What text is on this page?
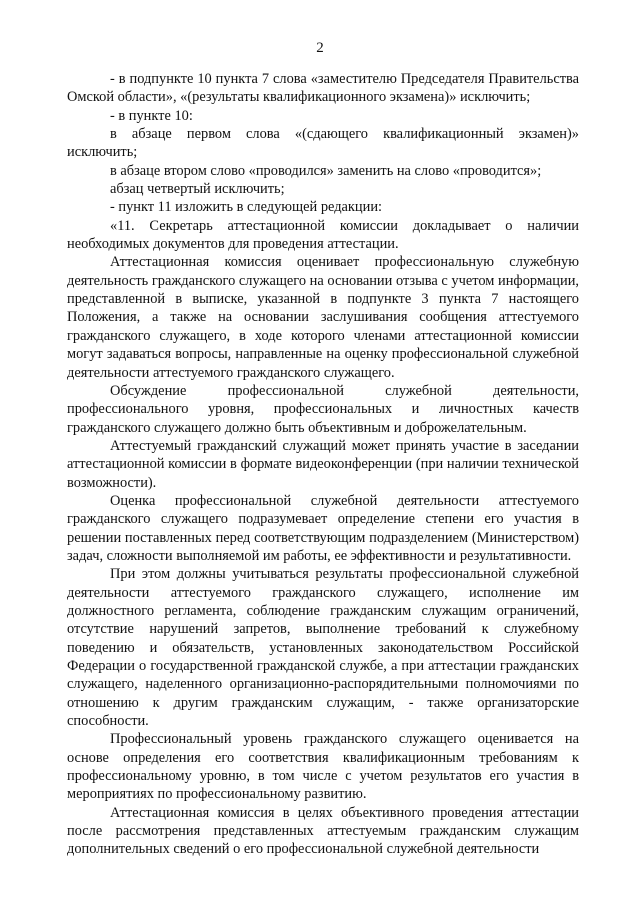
2

- в подпункте 10 пункта 7 слова «заместителю Председателя Правительства Омской области», «(результаты квалификационного экзамена)» исключить;

- в пункте 10:

в абзаце первом слова «(сдающего квалификационный экзамен)» исключить;

в абзаце втором слово «проводился» заменить на слово «проводится»;

абзац четвертый исключить;

- пункт 11 изложить в следующей редакции:

«11. Секретарь аттестационной комиссии докладывает о наличии необходимых документов для проведения аттестации.

Аттестационная комиссия оценивает профессиональную служебную деятельность гражданского служащего на основании отзыва с учетом информации, представленной в выписке, указанной в подпункте 3 пункта 7 настоящего Положения, а также на основании заслушивания сообщения аттестуемого гражданского служащего, в ходе которого членами аттестационной комиссии могут задаваться вопросы, направленные на оценку профессиональной служебной деятельности аттестуемого гражданского служащего.

Обсуждение профессиональной служебной деятельности, профессионального уровня, профессиональных и личностных качеств гражданского служащего должно быть объективным и доброжелательным.

Аттестуемый гражданский служащий может принять участие в заседании аттестационной комиссии в формате видеоконференции (при наличии технической возможности).

Оценка профессиональной служебной деятельности аттестуемого гражданского служащего подразумевает определение степени его участия в решении поставленных перед соответствующим подразделением (Министерством) задач, сложности выполняемой им работы, ее эффективности и результативности.

При этом должны учитываться результаты профессиональной служебной деятельности аттестуемого гражданского служащего, исполнение им должностного регламента, соблюдение гражданским служащим ограничений, отсутствие нарушений запретов, выполнение требований к служебному поведению и обязательств, установленных законодательством Российской Федерации о государственной гражданской службе, а при аттестации гражданских служащего, наделенного организационно-распорядительными полномочиями по отношению к другим гражданским служащим, - также организаторские способности.

Профессиональный уровень гражданского служащего оценивается на основе определения его соответствия квалификационным требованиям к профессиональному уровню, в том числе с учетом результатов его участия в мероприятиях по профессиональному развитию.

Аттестационная комиссия в целях объективного проведения аттестации после рассмотрения представленных аттестуемым гражданским служащим дополнительных сведений о его профессиональной служебной деятельности
